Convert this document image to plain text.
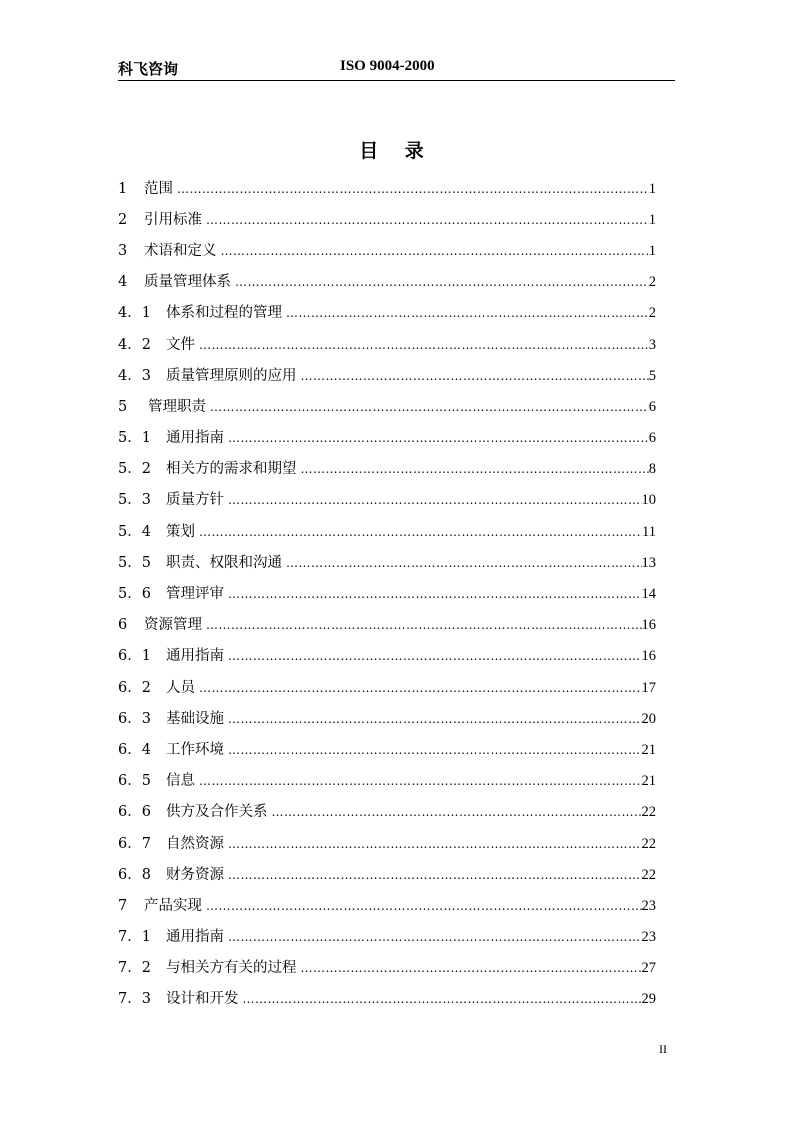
科飞咨询	ISO 9004-2000
目 录
1	范围 ……………………………………………………………………………………………………………………………………………………………………	1
2	引用标准 ……………………………………………………………………………………………………………………………………………………………………	1
3	术语和定义 ……………………………………………………………………………………………………………………………………………………………………	1
4	质量管理体系 ……………………………………………………………………………………………………………………………………………………………………	2
4．1	体系和过程的管理 ……………………………………………………………………………………………………………………………………………………………………	2
4．2	文件 ……………………………………………………………………………………………………………………………………………………………………	3
4．3	质量管理原则的应用 ……………………………………………………………………………………………………………………………………………………………………	5
5	管理职责 ……………………………………………………………………………………………………………………………………………………………………	6
5．1	通用指南 ……………………………………………………………………………………………………………………………………………………………………	6
5．2	相关方的需求和期望 ……………………………………………………………………………………………………………………………………………………………………	8
5．3	质量方针 ……………………………………………………………………………………………………………………………………………………………………	10
5．4	策划 ……………………………………………………………………………………………………………………………………………………………………	11
5．5	职责、权限和沟通 ……………………………………………………………………………………………………………………………………………………………………	13
5．6	管理评审 ……………………………………………………………………………………………………………………………………………………………………	14
6	资源管理 ……………………………………………………………………………………………………………………………………………………………………	16
6．1	通用指南 ……………………………………………………………………………………………………………………………………………………………………	16
6．2	人员 ……………………………………………………………………………………………………………………………………………………………………	17
6．3	基础设施 ……………………………………………………………………………………………………………………………………………………………………	20
6．4	工作环境 ……………………………………………………………………………………………………………………………………………………………………	21
6．5	信息 ……………………………………………………………………………………………………………………………………………………………………	21
6．6	供方及合作关系 ……………………………………………………………………………………………………………………………………………………………………	22
6．7	自然资源 ……………………………………………………………………………………………………………………………………………………………………	22
6．8	财务资源 ……………………………………………………………………………………………………………………………………………………………………	22
7	产品实现 ……………………………………………………………………………………………………………………………………………………………………	23
7．1	通用指南 ……………………………………………………………………………………………………………………………………………………………………	23
7．2	与相关方有关的过程 ……………………………………………………………………………………………………………………………………………………………………	27
7．3	设计和开发 ……………………………………………………………………………………………………………………………………………………………………	29
II
